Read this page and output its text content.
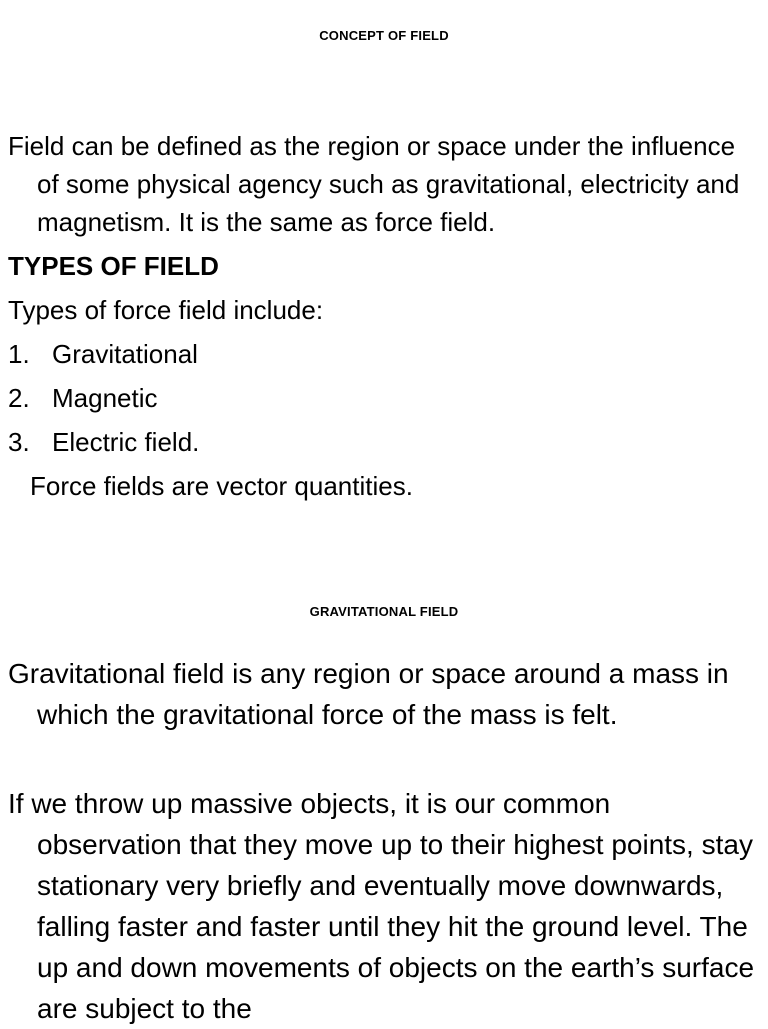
CONCEPT OF FIELD

Field can be defined as the region or space under the influence of some physical agency such as gravitational, electricity and magnetism. It is the same as force field.

TYPES OF FIELD

Types of force field include:

1. Gravitational
2. Magnetic
3. Electric field.

Force fields are vector quantities.

GRAVITATIONAL FIELD

Gravitational field is any region or space around a mass in which the gravitational force of the mass is felt.

If we throw up massive objects, it is our common observation that they move up to their highest points, stay stationary very briefly and eventually move downwards, falling faster and faster until they hit the ground level. The up and down movements of objects on the earth’s surface are subject to the
